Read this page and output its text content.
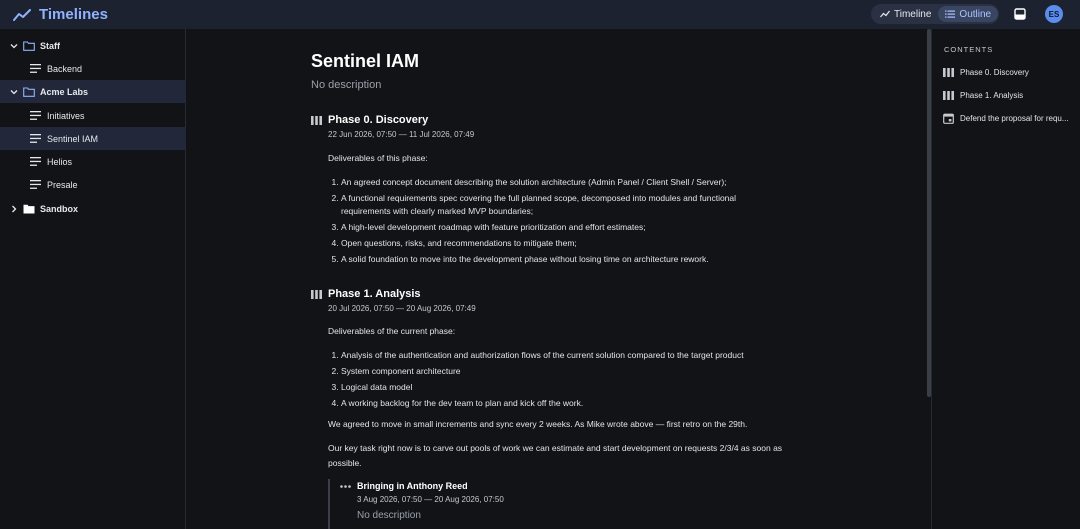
Timelines	Timeline	Outline	ES
Staff
Backend
Acme Labs
Initiatives
Sentinel IAM
Helios
Presale
Sandbox
Sentinel IAM
No description
Phase 0. Discovery
22 Jun 2026, 07:50 — 11 Jul 2026, 07:49
Deliverables of this phase:
1. An agreed concept document describing the solution architecture (Admin Panel / Client Shell / Server);
2. A functional requirements spec covering the full planned scope, decomposed into modules and functional requirements with clearly marked MVP boundaries;
3. A high-level development roadmap with feature prioritization and effort estimates;
4. Open questions, risks, and recommendations to mitigate them;
5. A solid foundation to move into the development phase without losing time on architecture rework.
Phase 1. Analysis
20 Jul 2026, 07:50 — 20 Aug 2026, 07:49
Deliverables of the current phase:
1. Analysis of the authentication and authorization flows of the current solution compared to the target product
2. System component architecture
3. Logical data model
4. A working backlog for the dev team to plan and kick off the work.
We agreed to move in small increments and sync every 2 weeks. As Mike wrote above — first retro on the 29th.
Our key task right now is to carve out pools of work we can estimate and start development on requests 2/3/4 as soon as possible.
Bringing in Anthony Reed
3 Aug 2026, 07:50 — 20 Aug 2026, 07:50
No description
CONTENTS
Phase 0. Discovery
Phase 1. Analysis
Defend the proposal for requ...
